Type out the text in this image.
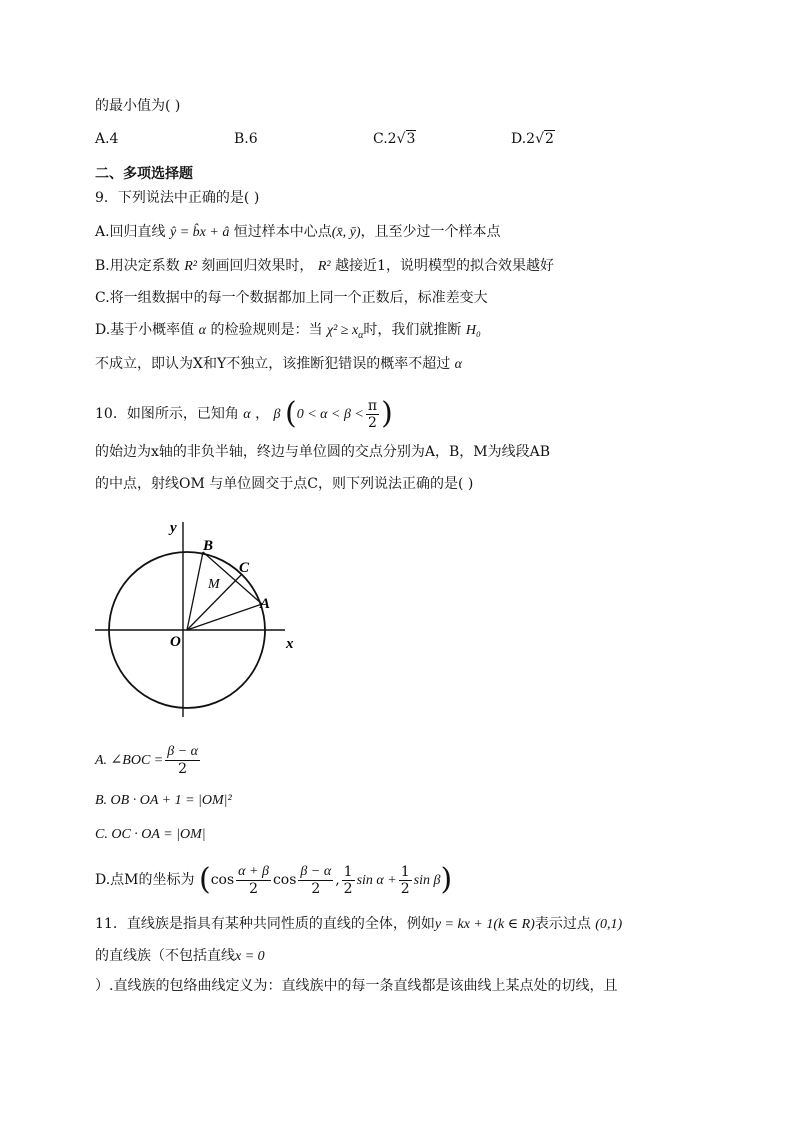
的最小值为( )
A.4	B.6	C.2√3	D.2√2
二、多项选择题
9．下列说法中正确的是( )
A.回归直线 ŷ = b̂x + â 恒过样本中心点(x̄, ȳ)，且至少过一个样本点
B.用决定系数 R² 刻画回归效果时， R² 越接近1，说明模型的拟合效果越好
C.将一组数据中的每一个数据都加上同一个正数后，标准差变大
D.基于小概率值 α 的检验规则是：当 $\chi^2 \ge x_\alpha$时，我们就推断 H₀
不成立，即认为X和Y不独立，该推断犯错误的概率不超过 α
10．如图所示，已知角 α ， β ($0 < \alpha < \beta < \frac{\pi}{2}$ )
的始边为x轴的非负半轴，终边与单位圆的交点分别为A，B，M为线段AB
的中点，射线OM 与单位圆交于点C，则下列说法正确的是( )
y
x
O
A
B
C
M
A. ∠BOC = $\frac{\beta - \alpha}{2}$
B. OB · OA + 1 = |OM|²
C. OC · OA = |OM|
D.点M的坐标为 ($\cos \frac{\alpha + \beta}{2}$ $\cos \frac{\beta - \alpha}{2}$ , $\frac{1}{2}$ $\sin \alpha + \frac{1}{2}$ sin β)
11．直线族是指具有某种共同性质的直线的全体，例如y = kx + 1(k ∈ R)表示过点 (0,1)
的直线族（不包括直线x = 0
）.直线族的包络曲线定义为：直线族中的每一条直线都是该曲线上某点处的切线，且
